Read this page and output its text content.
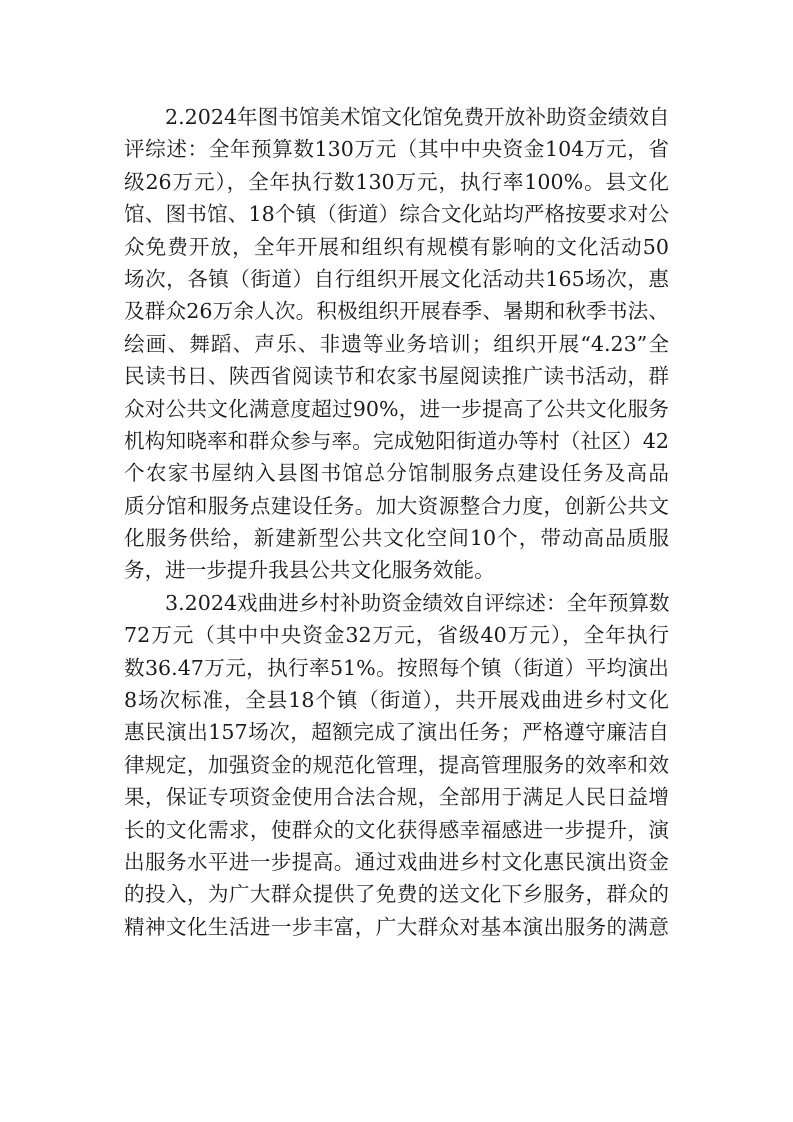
2.2024年图书馆美术馆文化馆免费开放补助资金绩效自
评综述：全年预算数130万元（其中中央资金104万元，省
级26万元），全年执行数130万元，执行率100%。县文化
馆、图书馆、18个镇（街道）综合文化站均严格按要求对公
众免费开放，全年开展和组织有规模有影响的文化活动50
场次，各镇（街道）自行组织开展文化活动共165场次，惠
及群众26万余人次。积极组织开展春季、暑期和秋季书法、
绘画、舞蹈、声乐、非遗等业务培训；组织开展“4.23”全
民读书日、陕西省阅读节和农家书屋阅读推广读书活动，群
众对公共文化满意度超过90%，进一步提高了公共文化服务
机构知晓率和群众参与率。完成勉阳街道办等村（社区）42
个农家书屋纳入县图书馆总分馆制服务点建设任务及高品
质分馆和服务点建设任务。加大资源整合力度，创新公共文
化服务供给，新建新型公共文化空间10个，带动高品质服
务，进一步提升我县公共文化服务效能。
3.2024戏曲进乡村补助资金绩效自评综述：全年预算数
72万元（其中中央资金32万元，省级40万元），全年执行
数36.47万元，执行率51%。按照每个镇（街道）平均演出
8场次标准，全县18个镇（街道），共开展戏曲进乡村文化
惠民演出157场次，超额完成了演出任务；严格遵守廉洁自
律规定，加强资金的规范化管理，提高管理服务的效率和效
果，保证专项资金使用合法合规，全部用于满足人民日益增
长的文化需求，使群众的文化获得感幸福感进一步提升，演
出服务水平进一步提高。通过戏曲进乡村文化惠民演出资金
的投入，为广大群众提供了免费的送文化下乡服务，群众的
精神文化生活进一步丰富，广大群众对基本演出服务的满意
